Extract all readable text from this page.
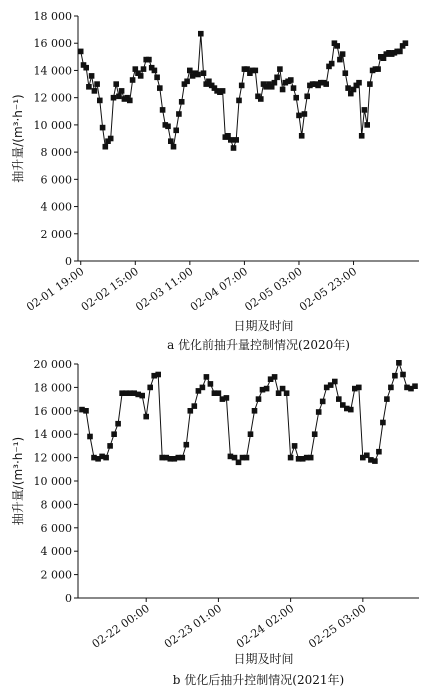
0
2 000
4 000
6 000
8 000
10 000
12 000
14 000
16 000
18 000
02-01 19:00
02-02 15:00
02-03 11:00
02-04 07:00
02-05 03:00
02-05 23:00
抽升量/(m³·h⁻¹)
日期及时间
a 优化前抽升量控制情况(2020年)
0
2 000
4 000
6 000
8 000
10 000
12 000
14 000
16 000
18 000
20 000
02-22 00:00 02-23 01:00 02-24 02:00 02-25 03:00
抽升量/(m³·h⁻¹)
日期及时间
b 优化后抽升控制情况(2021年)
